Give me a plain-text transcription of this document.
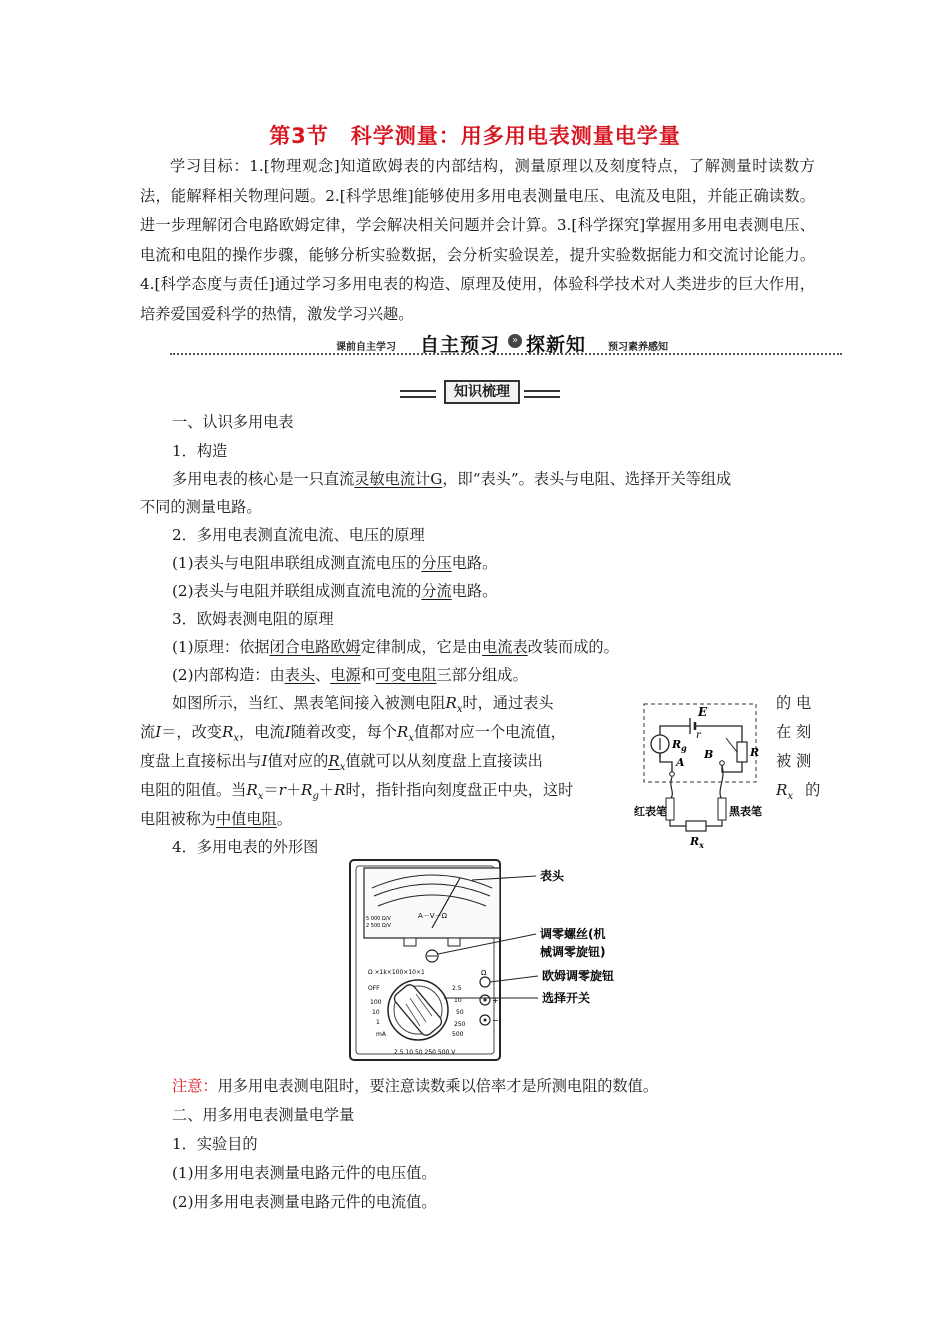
第3节　科学测量：用多用电表测量电学量
学习目标：1.[物理观念]知道欧姆表的内部结构，测量原理以及刻度特点，了解测量时读数方法，能解释相关物理问题。2.[科学思维]能够使用多用电表测量电压、电流及电阻，并能正确读数。进一步理解闭合电路欧姆定律，学会解决相关问题并会计算。3.[科学探究]掌握用多用电表测电压、电流和电阻的操作步骤，能够分析实验数据，会分析实验误差，提升实验数据能力和交流讨论能力。4.[科学态度与责任]通过学习多用电表的构造、原理及使用，体验科学技术对人类进步的巨大作用，培养爱国爱科学的热情，激发学习兴趣。
课前自主学习 自主预习	» 探新知 预习素养感知
知识梳理
一、认识多用电表
1．构造
多用电表的核心是一只直流灵敏电流计G，即“表头”。表头与电阻、选择开关等组成
不同的测量电路。
2．多用电表测直流电流、电压的原理
(1)表头与电阻串联组成测直流电压的分压电路。
(2)表头与电阻并联组成测直流电流的分流电路。
3．欧姆表测电阻的原理
(1)原理：依据闭合电路欧姆定律制成，它是由电流表改装而成的。
(2)内部构造：由表头、电源和可变电阻三部分组成。
如图所示，当红、黑表笔间接入被测电阻$R_x$时，通过表头	的 电
流I＝，改变$R_x$，电流I随着改变，每个$R_x$值都对应一个电流值，	在 刻
度盘上直接标出与I值对应的$R_x$值就可以从刻度盘上直接读出	被 测
电阻的阻值。当$R_x=r+R_g+R$时，指针指向刻度盘正中央，这时	$R_x$ 的
电阻被称为中值电阻。
E
r
$R_g$
A
B	R
红表笔	黑表笔
$R_x$
4．多用电表的外形图
A－V－Ω
5 000 Ω/V
2 500 Ω/V
Ω ×1k×100×10×1
OFF
100
10
1
mA
2.5
10
50
250
500
2.5 10 50 250 500 V
Ω
+
−
表头
调零螺丝(机
械调零旋钮)
欧姆调零旋钮
选择开关
注意：用多用电表测电阻时，要注意读数乘以倍率才是所测电阻的数值。
二、用多用电表测量电学量
1．实验目的
(1)用多用电表测量电路元件的电压值。
(2)用多用电表测量电路元件的电流值。
